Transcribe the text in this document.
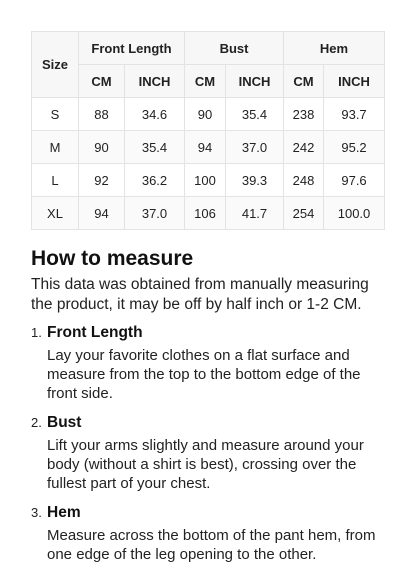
Size	Front Length		Bust		Hem	
	CM	INCH	CM	INCH	CM	INCH
S	88	34.6	90	35.4	238	93.7
M	90	35.4	94	37.0	242	95.2
L	92	36.2	100	39.3	248	97.6
XL	94	37.0	106	41.7	254	100.0
How to measure

This data was obtained from manually measuring the product, it may be off by half inch or 1-2 CM.

1. Front Length

Lay your favorite clothes on a flat surface and measure from the top to the bottom edge of the front side.

2. Bust

Lift your arms slightly and measure around your body (without a shirt is best), crossing over the fullest part of your chest.

3. Hem

Measure across the bottom of the pant hem, from one edge of the leg opening to the other.
